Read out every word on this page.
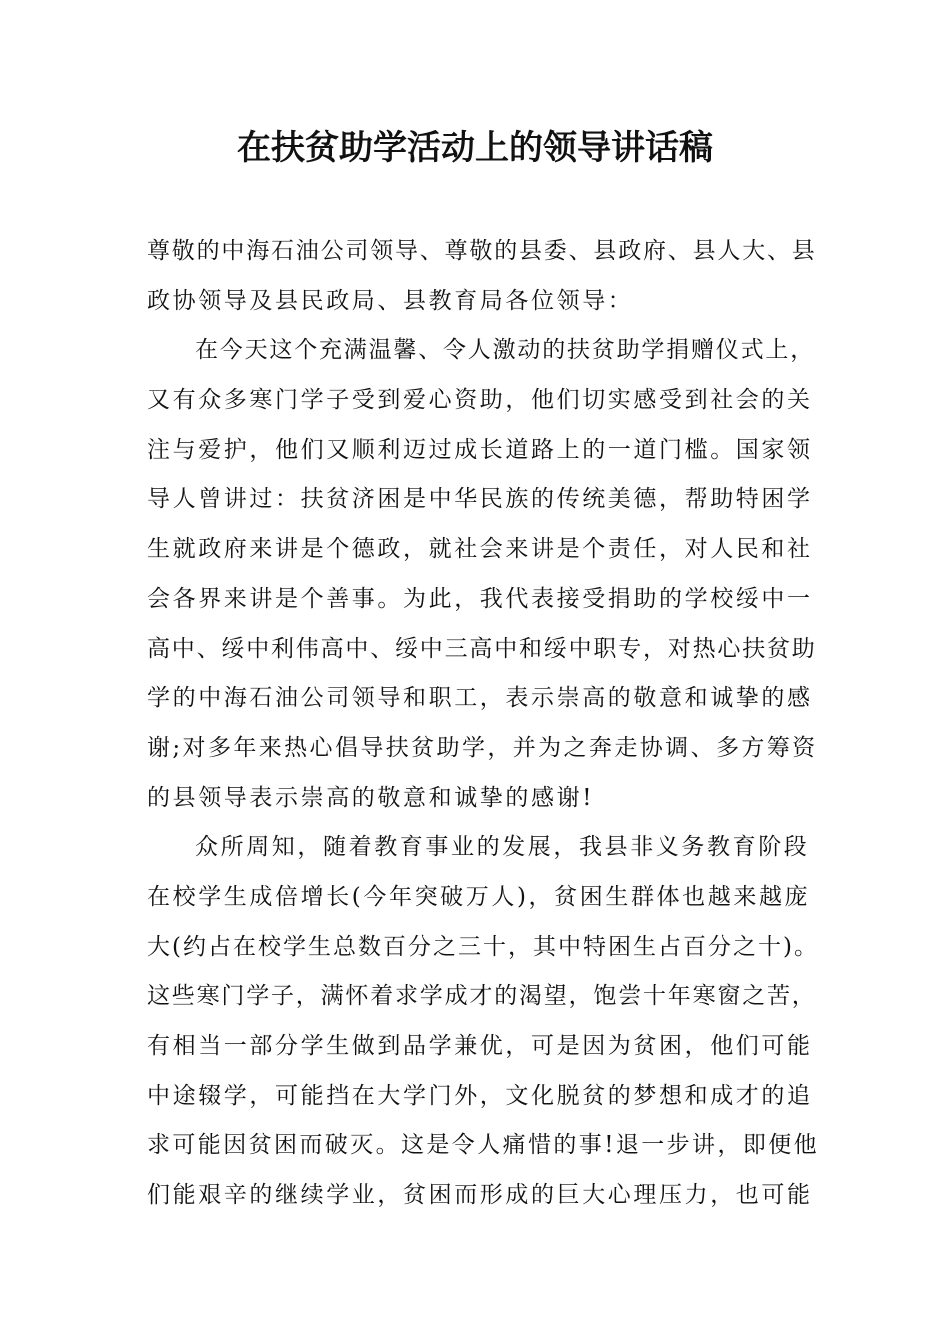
在扶贫助学活动上的领导讲话稿
尊敬的中海石油公司领导、尊敬的县委、县政府、县人大、县
政协领导及县民政局、县教育局各位领导：
在今天这个充满温馨、令人激动的扶贫助学捐赠仪式上，
又有众多寒门学子受到爱心资助，他们切实感受到社会的关
注与爱护，他们又顺利迈过成长道路上的一道门槛。国家领
导人曾讲过：扶贫济困是中华民族的传统美德，帮助特困学
生就政府来讲是个德政，就社会来讲是个责任，对人民和社
会各界来讲是个善事。为此，我代表接受捐助的学校绥中一
高中、绥中利伟高中、绥中三高中和绥中职专，对热心扶贫助
学的中海石油公司领导和职工，表示崇高的敬意和诚挚的感
谢;对多年来热心倡导扶贫助学，并为之奔走协调、多方筹资
的县领导表示崇高的敬意和诚挚的感谢!
众所周知，随着教育事业的发展，我县非义务教育阶段
在校学生成倍增长(今年突破万人)，贫困生群体也越来越庞
大(约占在校学生总数百分之三十，其中特困生占百分之十)。
这些寒门学子，满怀着求学成才的渴望，饱尝十年寒窗之苦，
有相当一部分学生做到品学兼优，可是因为贫困，他们可能
中途辍学，可能挡在大学门外，文化脱贫的梦想和成才的追
求可能因贫困而破灭。这是令人痛惜的事!退一步讲，即便他
们能艰辛的继续学业，贫困而形成的巨大心理压力，也可能
